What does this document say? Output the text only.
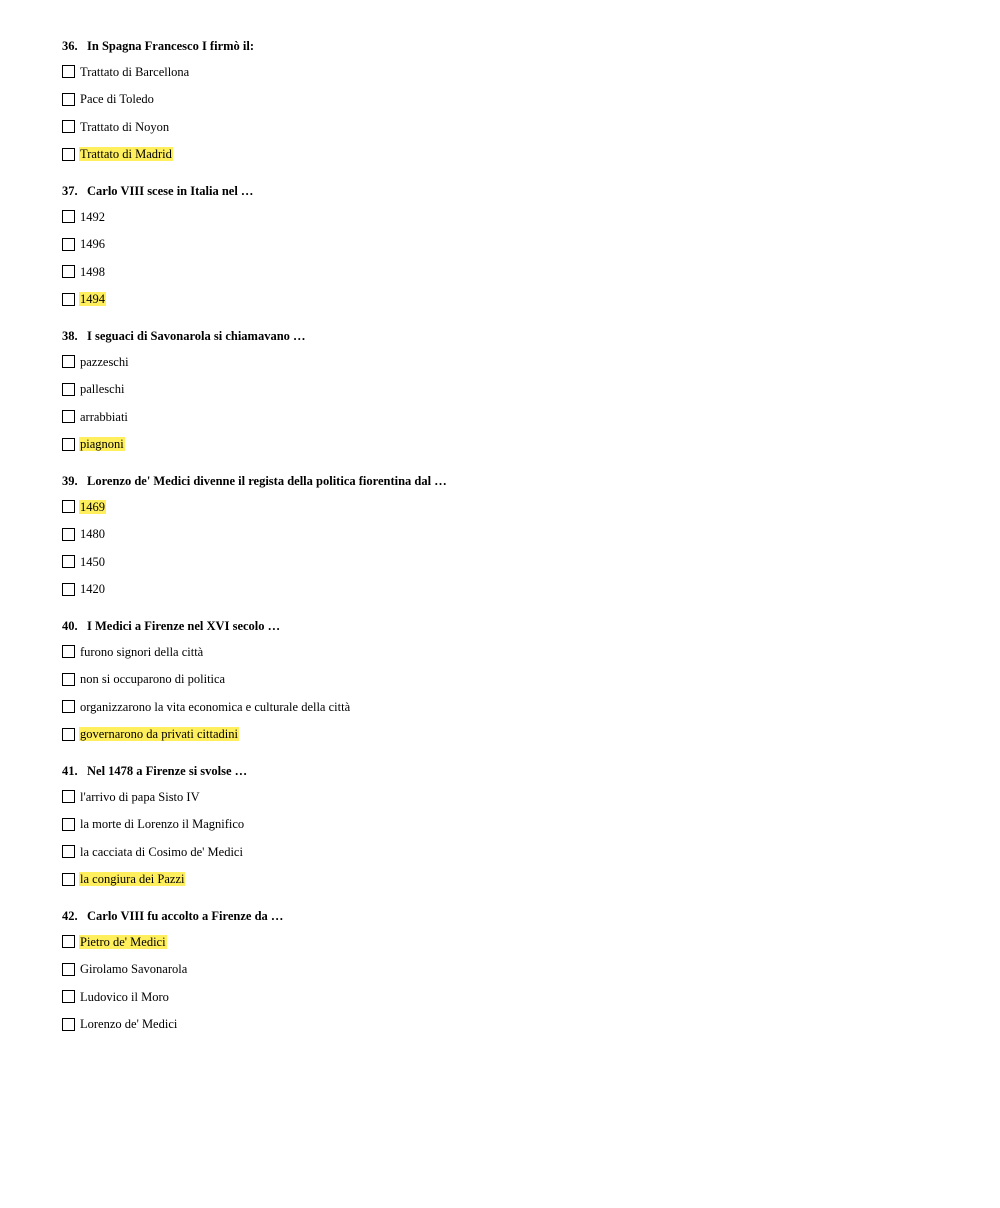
36. In Spagna Francesco I firmò il:
Trattato di Barcellona
Pace di Toledo
Trattato di Noyon
Trattato di Madrid
37. Carlo VIII scese in Italia nel …
1492
1496
1498
1494
38. I seguaci di Savonarola si chiamavano …
pazzeschi
palleschi
arrabbiati
piagnoni
39. Lorenzo de' Medici divenne il regista della politica fiorentina dal …
1469
1480
1450
1420
40. I Medici a Firenze nel XVI secolo …
furono signori della città
non si occuparono di politica
organizzarono la vita economica e culturale della città
governarono da privati cittadini
41. Nel 1478 a Firenze si svolse …
l'arrivo di papa Sisto IV
la morte di Lorenzo il Magnifico
la cacciata di Cosimo de' Medici
la congiura dei Pazzi
42. Carlo VIII fu accolto a Firenze da …
Pietro de' Medici
Girolamo Savonarola
Ludovico il Moro
Lorenzo de' Medici
